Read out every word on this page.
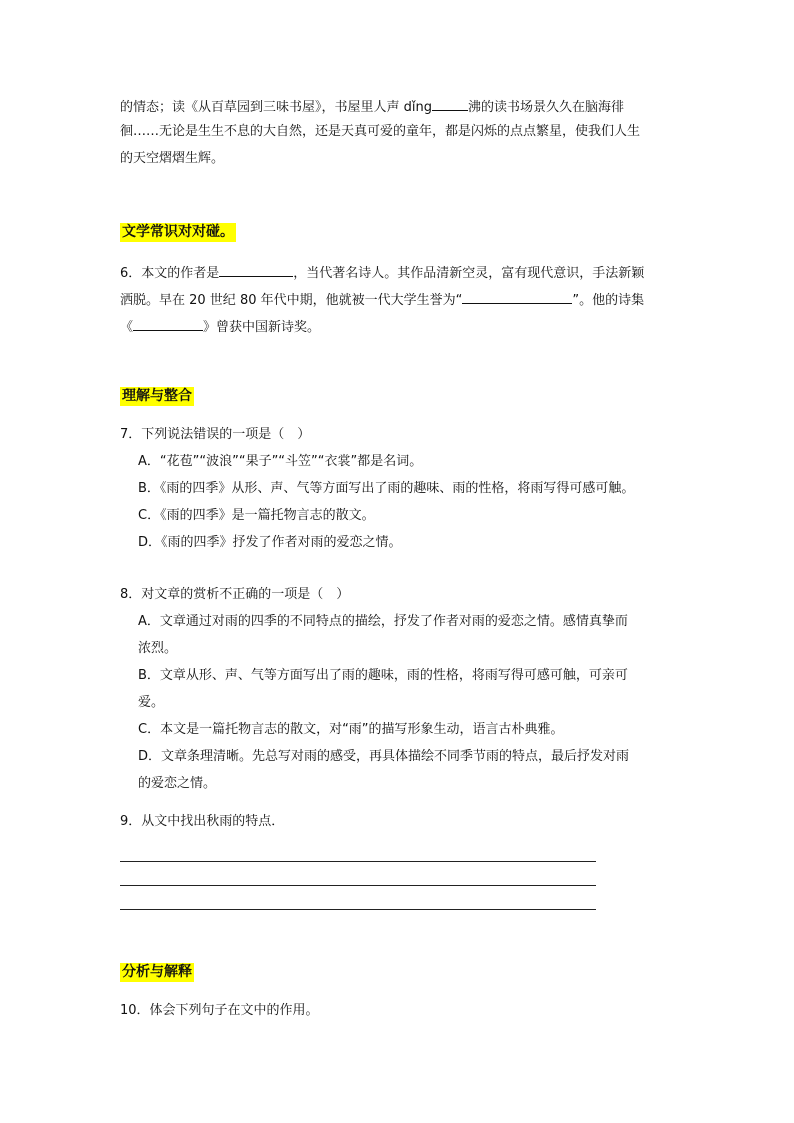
的情态；读《从百草园到三味书屋》，书屋里人声 dǐng	沸的读书场景久久在脑海徘
徊……无论是生生不息的大自然，还是天真可爱的童年，都是闪烁的点点繁星，使我们人生
的天空熠熠生辉。
文学常识对对碰。
6．本文的作者是	，当代著名诗人。其作品清新空灵，富有现代意识，手法新颖
洒脱。早在 20 世纪 80 年代中期，他就被一代大学生誉为“	”。他的诗集
《	》曾获中国新诗奖。
理解与整合
7．下列说法错误的一项是（　）
A．“花苞”“波浪”“果子”“斗笠”“衣裳”都是名词。
B．《雨的四季》从形、声、气等方面写出了雨的趣味、雨的性格，将雨写得可感可触。
C．《雨的四季》是一篇托物言志的散文。
D．《雨的四季》抒发了作者对雨的爱恋之情。
8．对文章的赏析不正确的一项是（　）
A．文章通过对雨的四季的不同特点的描绘，抒发了作者对雨的爱恋之情。感情真挚而
浓烈。
B．文章从形、声、气等方面写出了雨的趣味，雨的性格，将雨写得可感可触，可亲可
爱。
C．本文是一篇托物言志的散文，对“雨”的描写形象生动，语言古朴典雅。
D．文章条理清晰。先总写对雨的感受，再具体描绘不同季节雨的特点，最后抒发对雨
的爱恋之情。
9．从文中找出秋雨的特点．
分析与解释
10．体会下列句子在文中的作用。
